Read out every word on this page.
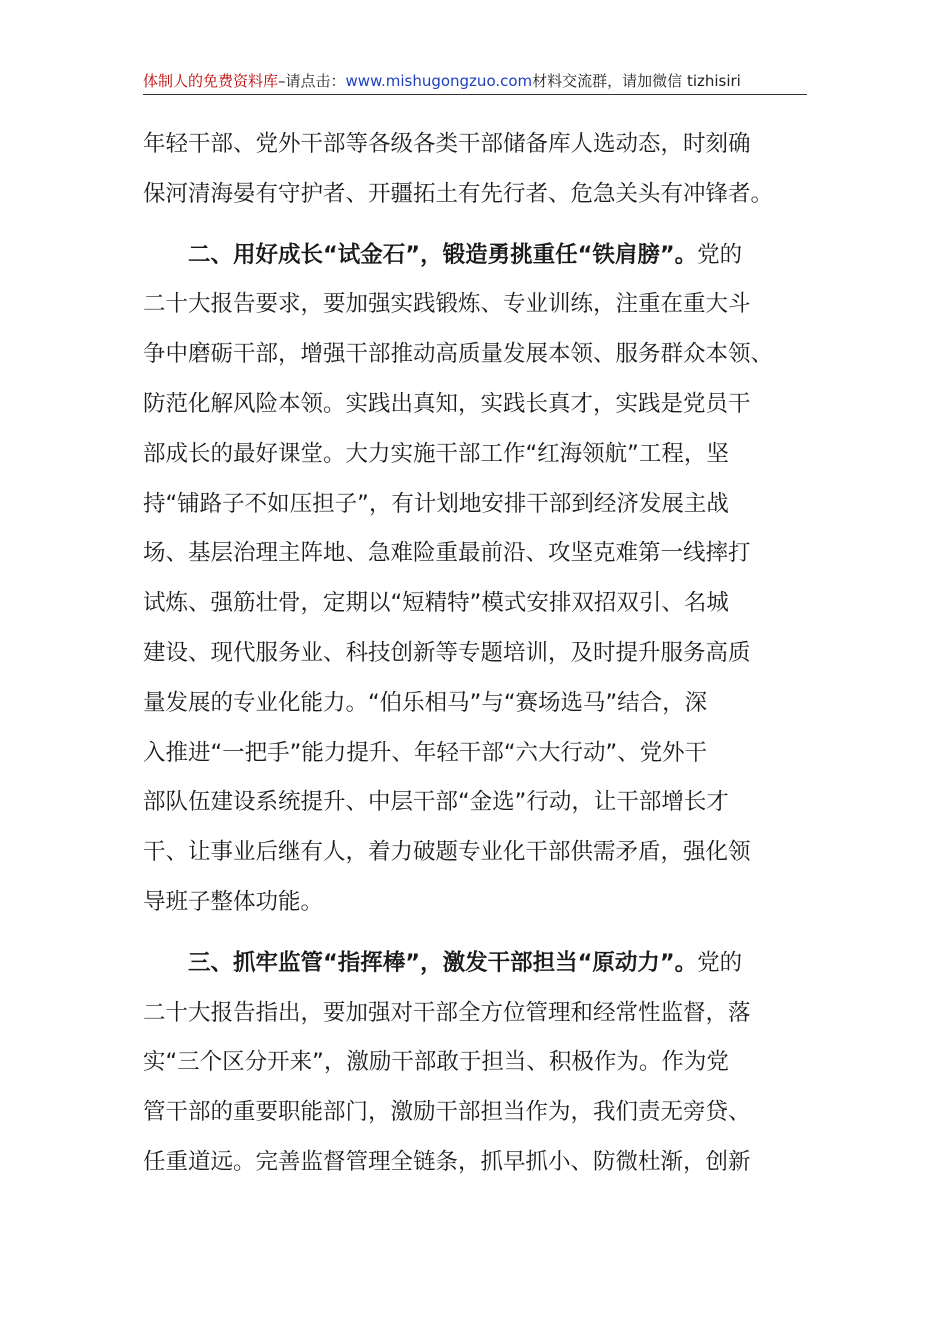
体制人的免费资料库–请点击：www.mishugongzuo.com材料交流群，请加微信 tizhisiri

年轻干部、党外干部等各级各类干部储备库人选动态，时刻确
保河清海晏有守护者、开疆拓土有先行者、危急关头有冲锋者。

二、用好成长“试金石”，锻造勇挑重任“铁肩膀”。党的
二十大报告要求，要加强实践锻炼、专业训练，注重在重大斗
争中磨砺干部，增强干部推动高质量发展本领、服务群众本领、
防范化解风险本领。实践出真知，实践长真才，实践是党员干
部成长的最好课堂。大力实施干部工作“红海领航”工程，坚
持“铺路子不如压担子”，有计划地安排干部到经济发展主战
场、基层治理主阵地、急难险重最前沿、攻坚克难第一线摔打
试炼、强筋壮骨，定期以“短精特”模式安排双招双引、名城
建设、现代服务业、科技创新等专题培训，及时提升服务高质
量发展的专业化能力。“伯乐相马”与“赛场选马”结合，深
入推进“一把手”能力提升、年轻干部“六大行动”、党外干
部队伍建设系统提升、中层干部“金选”行动，让干部增长才
干、让事业后继有人，着力破题专业化干部供需矛盾，强化领
导班子整体功能。

三、抓牢监管“指挥棒”，激发干部担当“原动力”。党的
二十大报告指出，要加强对干部全方位管理和经常性监督，落
实“三个区分开来”，激励干部敢于担当、积极作为。作为党
管干部的重要职能部门，激励干部担当作为，我们责无旁贷、
任重道远。完善监督管理全链条，抓早抓小、防微杜渐，创新
